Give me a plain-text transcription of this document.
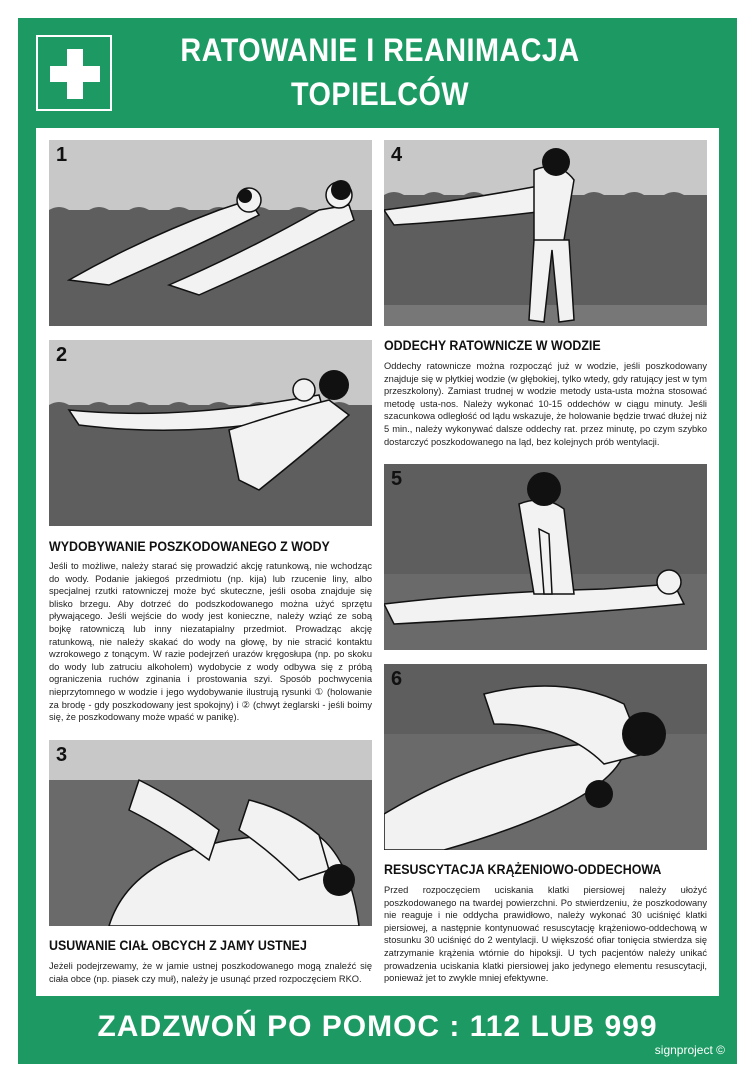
RATOWANIE I REANIMACJA
TOPIELCÓW
1
2
WYDOBYWANIE POSZKODOWANEGO Z WODY

Jeśli to możliwe, należy starać się prowadzić akcję ratunkową, nie wchodząc do wody. Podanie jakiegoś przedmiotu (np. kija) lub rzucenie liny, albo specjalnej rzutki ratowniczej może być skuteczne, jeśli osoba znajduje się blisko brzegu. Aby dotrzeć do podszkodowanego można użyć sprzętu pływającego. Jeśli wejście do wody jest konieczne, należy wziąć ze sobą bojkę ratowniczą lub inny niezatapialny przedmiot. Prowadząc akcję ratunkową, nie należy skakać do wody na głowę, by nie stracić kontaktu wzrokowego z tonącym. W razie podejrzeń urazów kręgosłupa (np. po skoku do wody lub zatruciu alkoholem) wydobycie z wody odbywa się z próbą ograniczenia ruchów zginania i prostowania szyi. Sposób pochwycenia nieprzytomnego w wodzie i jego wydobywanie ilustrują rysunki ① (holowanie za brodę - gdy poszkodowany jest spokojny) i ② (chwyt żeglarski - jeśli boimy się, że poszkodowany może wpaść w panikę).

3
USUWANIE CIAŁ OBCYCH Z JAMY USTNEJ

Jeżeli podejrzewamy, że w jamie ustnej poszkodowanego mogą znaleźć się ciała obce (np. piasek czy muł), należy je usunąć przed rozpoczęciem RKO.

4
ODDECHY RATOWNICZE W WODZIE

Oddechy ratownicze można rozpocząć już w wodzie, jeśli poszkodowany znajduje się w płytkiej wodzie (w głębokiej, tylko wtedy, gdy ratujący jest w tym przeszkolony). Zamiast trudnej w wodzie metody usta-usta można stosować metodę usta-nos. Należy wykonać 10-15 oddechów w ciągu minuty. Jeśli szacunkowa odległość od lądu wskazuje, że holowanie będzie trwać dłużej niż 5 min., należy wykonywać dalsze oddechy rat. przez minutę, po czym szybko dostarczyć poszkodowanego na ląd, bez kolejnych prób wentylacji.

5
6
RESUSCYTACJA KRĄŻENIOWO-ODDECHOWA

Przed rozpoczęciem uciskania klatki piersiowej należy ułożyć poszkodowanego na twardej powierzchni. Po stwierdzeniu, że poszkodowany nie reaguje i nie oddycha prawidłowo, należy wykonać 30 uciśnięć klatki piersiowej, a następnie kontynuować resuscytację krążeniowo-oddechową w stosunku 30 uciśnięć do 2 wentylacji. U większość ofiar tonięcia stwierdza się zatrzymanie krążenia wtórnie do hipoksji. U tych pacjentów należy unikać prowadzenia uciskania klatki piersiowej jako jedynego elementu resuscytacji, ponieważ jet to zwykle mniej efektywne.

ZADZWOŃ PO POMOC : 112 LUB 999
signproject ©
